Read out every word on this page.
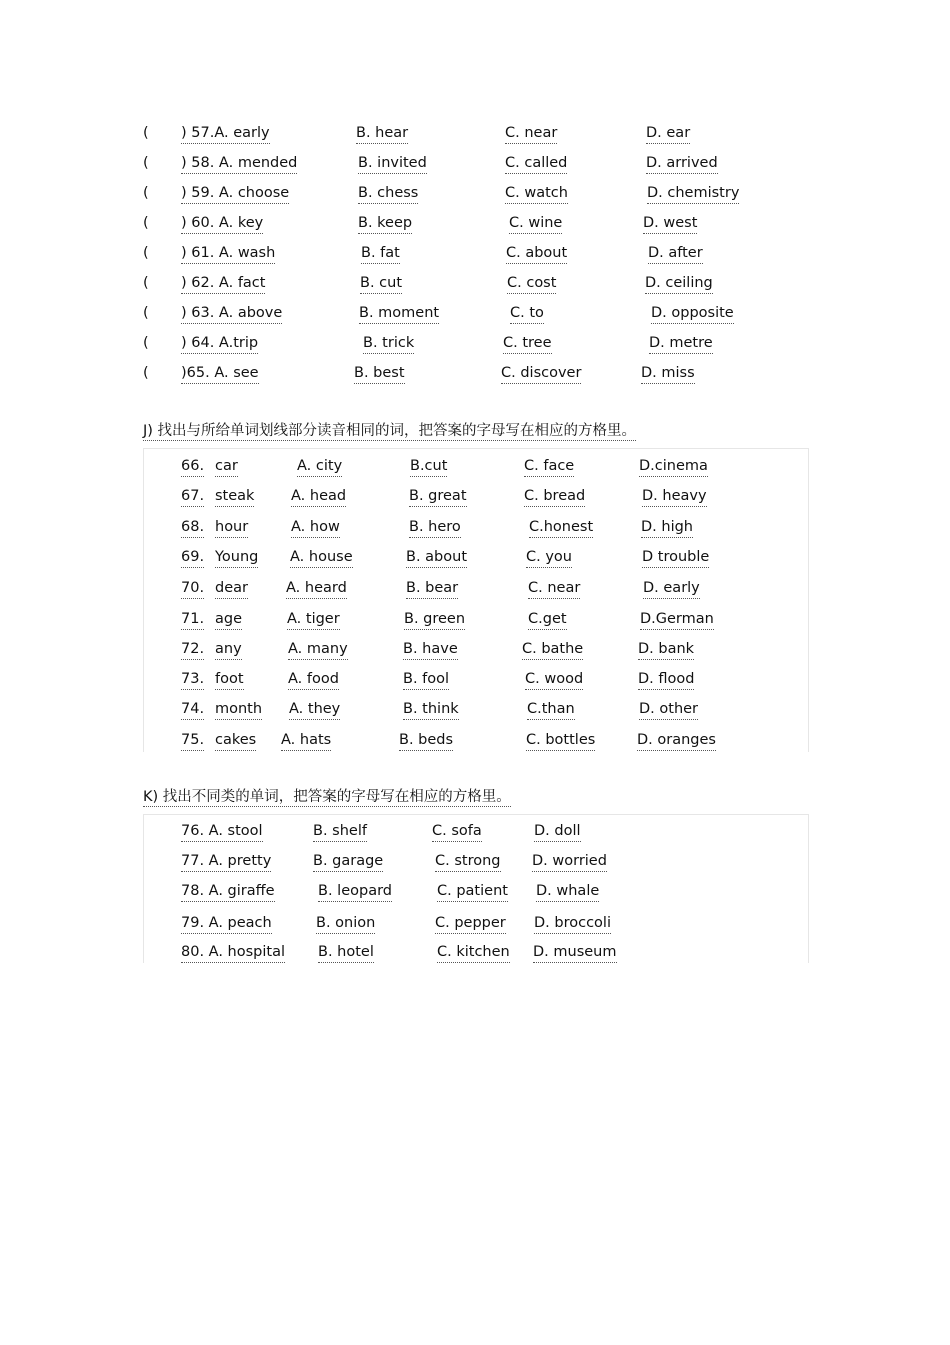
( ) 57.A. early	B. hear	C. near	D. ear
( ) 58. A. mended	B. invited	C. called	D. arrived
( ) 59. A. choose	B. chess	C. watch	D. chemistry
( ) 60. A. key	B. keep	C. wine	D. west
( ) 61. A. wash	B. fat	C. about	D. after
( ) 62. A. fact	B. cut	C. cost	D. ceiling
( ) 63. A. above	B. moment	C. to	D. opposite
( ) 64. A.trip	B. trick	C. tree	D. metre
( )65. A. see	B. best	C. discover	D. miss
J) 找出与所给单词划线部分读音相同的词，把答案的字母写在相应的方格里。
66. car	A. city	B.cut	C. face	D.cinema
67. steak	A. head	B. great	C. bread	D. heavy
68. hour	A. how	B. hero	C.honest	D. high
69. Young A. house	B. about	C. you	D trouble
70. dear	A. heard	B. bear	C. near	D. early
71. age	A. tiger	B. green	C.get	D.German
72. any	A. many	B. have	C. bathe	D. bank
73. foot	A. food	B. fool	C. wood	D. flood
74. month A. they	B. think	C.than	D. other
75. cakes A. hats	B. beds	C. bottles	D. oranges
K) 找出不同类的单词，把答案的字母写在相应的方格里。
76. A. stool	B. shelf	C. sofa	D. doll
77. A. pretty	B. garage	C. strong D. worried
78. A. giraffe	B. leopard	C. patient D. whale
79. A. peach	B. onion	C. pepper D. broccoli
80. A. hospital B. hotel	C. kitchen D. museum
